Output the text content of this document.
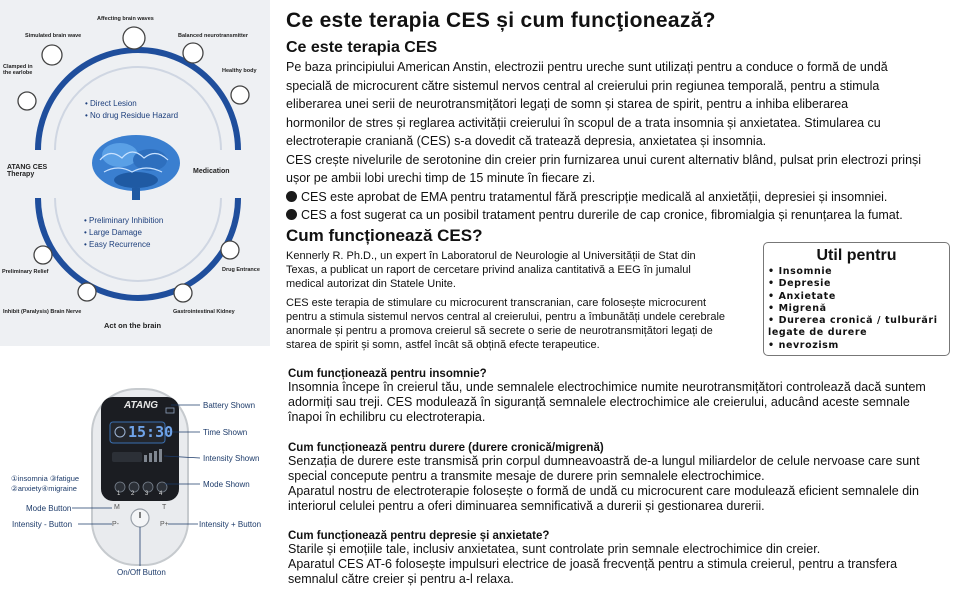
Affecting brain waves
Simulated brain wave	Balanced neurotransmitter
Clamped in the earlobe	Healthy body
• Direct Lesion
• No drug Residue Hazard
ATANG CES Therapy	Medication
• Preliminary Inhibition
• Large Damage
• Easy Recurrence
Preliminary Relief	Drug Entrance
Inhibit (Paralysis) Brain Nerve	Gastrointestinal Kidney
Act on the brain
ATANG
15:30
1 2 3 4
M	T
P-	P+
Battery Shown
Time Shown
Intensity Shown
Mode Shown
①insomnia ③fatigue
②anxiety④migraine
Mode Button
Intensity - Button	Intensity + Button
On/Off Button
Ce este terapia CES și cum funcţionează?
Ce este terapia CES
Pe baza principiului American Anstin, electrozii pentru ureche sunt utilizați pentru a conduce o formă de undă
specială de microcurent către sistemul nervos central al creierului prin regiunea temporală, pentru a stimula
eliberarea unei serii de neurotransmițători legați de somn și starea de spirit, pentru a inhiba eliberarea
hormonilor de stres și reglarea activității creierului în scopul de a trata insomnia și anxietatea. Stimularea cu
electroterapie craniană (CES) s-a dovedit că tratează depresia, anxietatea și insomnia.
CES crește nivelurile de serotonine din creier prin furnizarea unui curent alternativ blând, pulsat prin electrozi prinși
ușor pe ambii lobi urechi timp de 15 minute în fiecare zi.
CES este aprobat de EMA pentru tratamentul fără prescripție medicală al anxietății, depresiei și insomniei.
CES a fost sugerat ca un posibil tratament pentru durerile de cap cronice, fibromialgia și renunțarea la fumat.
Cum funcționează CES?
Kennerly R. Ph.D., un expert în Laboratorul de Neurologie al Universității de Stat din
Texas, a publicat un raport de cercetare privind analiza cantitativă a EEG în jumalul
medical autorizat din Statele Unite.
CES este terapia de stimulare cu microcurent transcranian, care folosește microcurent
pentru a stimula sistemul nervos central al creierului, pentru a îmbunătăți undele cerebrale
anormale și pentru a promova creierul să secrete o serie de neurotransmițători legați de
starea de spirit și somn, astfel încât să obțină efecte terapeutice.
Util pentru
• Insomnie
• Depresie
• Anxietate
• Migrenă
• Durerea cronică / tulburări
legate de durere
• nevrozism
Cum funcționează pentru insomnie?
Insomnia începe în creierul tău, unde semnalele electrochimice numite neurotransmițători controlează dacă suntem
adormiți sau treji. CES modulează în siguranță semnalele electrochimice ale creierului, aducând aceste semnale
înapoi în echilibru cu electroterapia.
Cum funcționează pentru durere (durere cronică/migrenă)
Senzația de durere este transmisă prin corpul dumneavoastră de-a lungul miliardelor de celule nervoase care sunt
special concepute pentru a transmite mesaje de durere prin semnalele electrochimice.
Aparatul nostru de electroterapie folosește o formă de undă cu microcurent care modulează eficient semnalele din
interiorul celulei pentru a oferi diminuarea semnificativă a durerii și gestionarea durerii.
Cum funcționează pentru depresie și anxietate?
Starile și emoțiile tale, inclusiv anxietatea, sunt controlate prin semnale electrochimice din creier.
Aparatul CES AT-6 folosește impulsuri electrice de joasă frecvență pentru a stimula creierul, pentru a transfera
semnalul către creier și pentru a-l relaxa.
